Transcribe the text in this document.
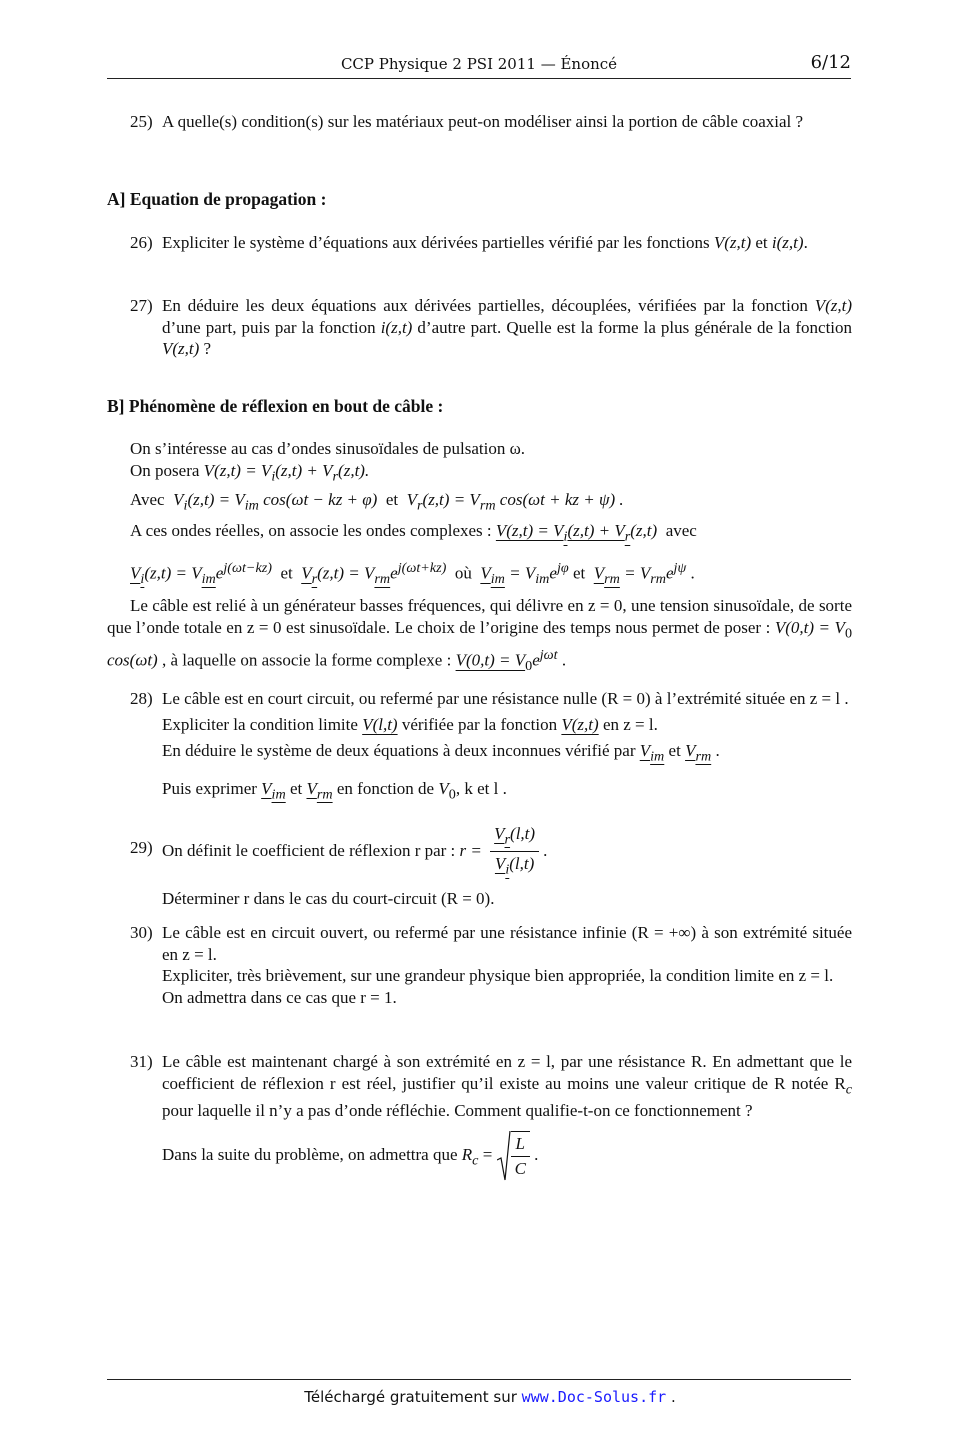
CCP Physique 2 PSI 2011 — Énoncé	6/12
25) A quelle(s) condition(s) sur les matériaux peut-on modéliser ainsi la portion de câble coaxial ?
A] Equation de propagation :
26) Expliciter le système d’équations aux dérivées partielles vérifié par les fonctions V(z,t) et i(z,t).
27) En déduire les deux équations aux dérivées partielles, découplées, vérifiées par la fonction V(z,t) d’une part, puis par la fonction i(z,t) d’autre part. Quelle est la forme la plus générale de la fonction V(z,t) ?
B] Phénomène de réflexion en bout de câble :

On s’intéresse au cas d’ondes sinusoïdales de pulsation ω.

On posera $V(z,t) = V_i(z,t) + V_r(z,t)$.

Avec $V_i(z,t) = V_{im}$ cos(ωt − kz + φ) et $V_r(z,t) = V_{rm}$ cos(ωt + kz + ψ) .

A ces ondes réelles, on associe les ondes complexes : $V(z,t) = V_i(z,t) + V_r(z,t)$ avec

$V_i(z,t) = V_{im}e^{j(\omega t-kz)}$ et $V_r(z,t) = V_{rm}e^{j(\omega t+kz)}$ où $V_{im} = V_{im}e^{j\varphi}$ et $V_{rm} = V_{rm}e^{j\psi}$ .

Le câble est relié à un générateur basses fréquences, qui délivre en z = 0, une tension sinusoïdale, de sorte que l’onde totale en z = 0 est sinusoïdale. Le choix de l’origine des temps nous permet de poser : $V(0,t) = V_0$ cos(ωt) , à laquelle on associe la forme complexe : $V(0,t) = V_0e^{j\omega t}$ .

28) Le câble est en court circuit, ou refermé par une résistance nulle (R = 0) à l’extrémité située en z = l .

Expliciter la condition limite V(l,t) vérifiée par la fonction V(z,t) en z = l.

En déduire le système de deux équations à deux inconnues vérifié par $V_{im}$ et $V_{rm}$ .

Puis exprimer $V_{im}$ et $V_{rm}$ en fonction de $V_0$, k et l .

29) On définit le coefficient de réflexion r par : $r = \frac{V_r(l,t)}{V_i(l,t)}$ .

Déterminer r dans le cas du court-circuit (R = 0).

30) Le câble est en circuit ouvert, ou refermé par une résistance infinie (R = +∞) à son extrémité située en z = l.

Expliciter, très brièvement, sur une grandeur physique bien appropriée, la condition limite en z = l.

On admettra dans ce cas que r = 1.

31) Le câble est maintenant chargé à son extrémité en z = l, par une résistance R. En admettant que le coefficient de réflexion r est réel, justifier qu’il existe au moins une valeur critique de R notée $R_c$ pour laquelle il n’y a pas d’onde réfléchie. Comment qualifie-t-on ce fonctionnement ?

Dans la suite du problème, on admettra que $R_c = \frac{L}{C}$ .

Téléchargé gratuitement sur www.Doc-Solus.fr .
